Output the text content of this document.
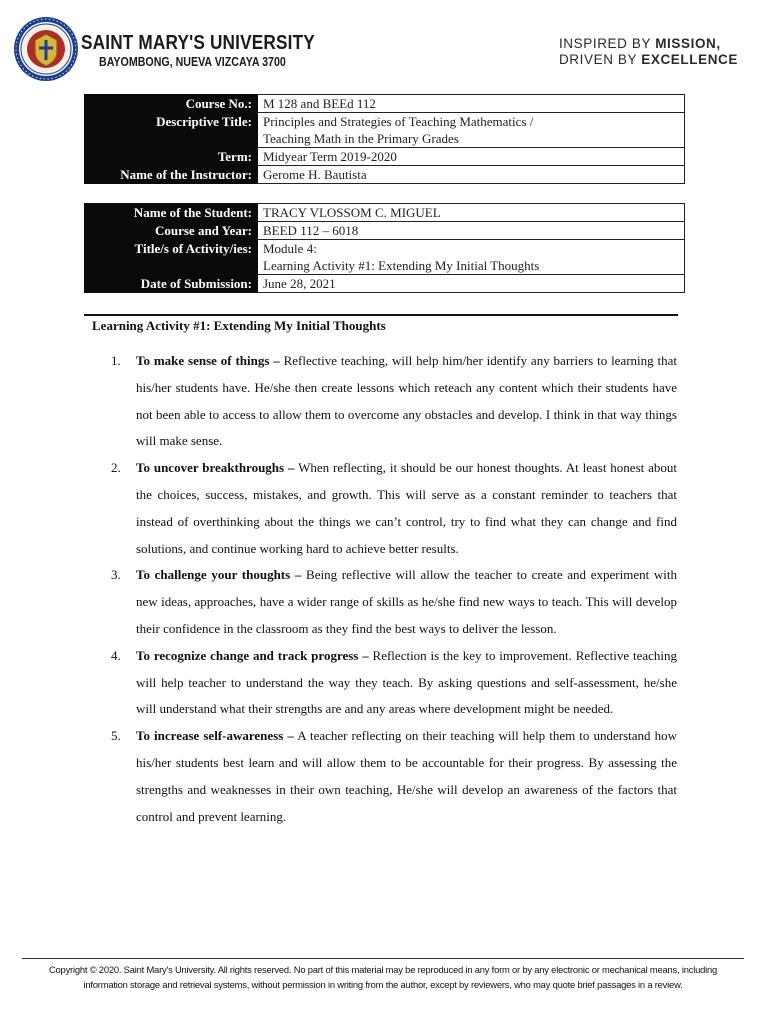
SAINT MARY'S UNIVERSITY
BAYOMBONG, NUEVA VIZCAYA 3700
INSPIRED BY MISSION,
DRIVEN BY EXCELLENCE
Course No.:	M 128 and BEEd 112
Descriptive Title:	Principles and Strategies of Teaching Mathematics /
Teaching Math in the Primary Grades

Term:	Midyear Term 2019-2020
Name of the Instructor:	Gerome H. Bautista
Name of the Student:	TRACY VLOSSOM C. MIGUEL
Course and Year:	BEED 112 – 6018
Title/s of Activity/ies:	Module 4:
Learning Activity #1: Extending My Initial Thoughts

Date of Submission:	June 28, 2021
Learning Activity #1: Extending My Initial Thoughts
1. To make sense of things – Reflective teaching, will help him/her identify any barriers to learning that his/her students have. He/she then create lessons which reteach any content which their students have not been able to access to allow them to overcome any obstacles and develop. I think in that way things will make sense.
2. To uncover breakthroughs – When reflecting, it should be our honest thoughts. At least honest about the choices, success, mistakes, and growth. This will serve as a constant reminder to teachers that instead of overthinking about the things we can’t control, try to find what they can change and find solutions, and continue working hard to achieve better results.
3. To challenge your thoughts – Being reflective will allow the teacher to create and experiment with new ideas, approaches, have a wider range of skills as he/she find new ways to teach. This will develop their confidence in the classroom as they find the best ways to deliver the lesson.
4. To recognize change and track progress – Reflection is the key to improvement. Reflective teaching will help teacher to understand the way they teach. By asking questions and self-assessment, he/she will understand what their strengths are and any areas where development might be needed.
5. To increase self-awareness – A teacher reflecting on their teaching will help them to understand how his/her students best learn and will allow them to be accountable for their progress. By assessing the strengths and weaknesses in their own teaching, He/she will develop an awareness of the factors that control and prevent learning.
Copyright © 2020. Saint Mary's University. All rights reserved. No part of this material may be reproduced in any form or by any electronic or mechanical means, including
information storage and retrieval systems, without permission in writing from the author, except by reviewers, who may quote brief passages in a review.
